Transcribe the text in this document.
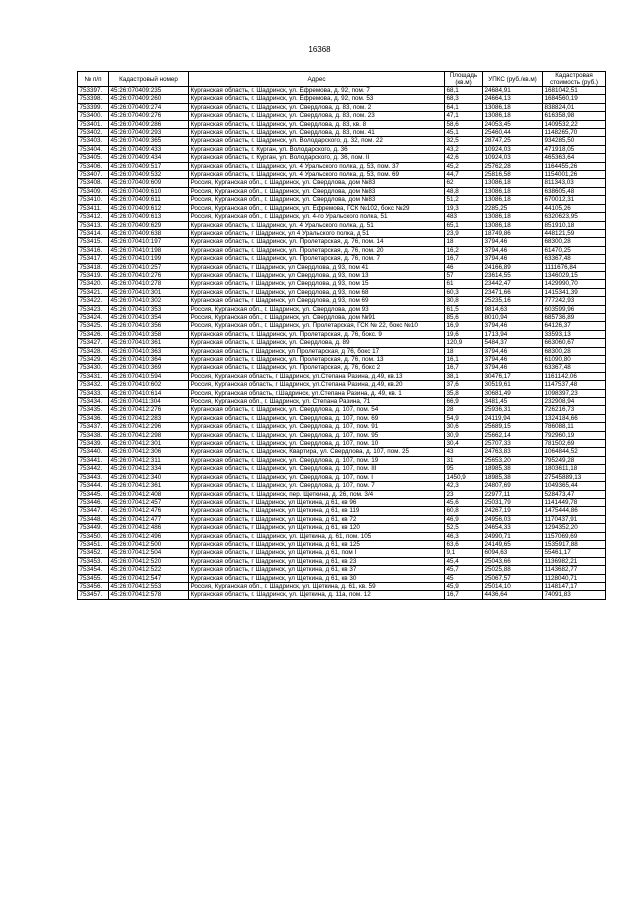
16368
№ п/п	Кадастровый номер	Адрес	Площадь (кв.м)	УПКС (руб./кв.м)	Кадастровая стоимость (руб.)
753397.	45:26:070409:235	Курганская область, г. Шадринск, ул. Ефремова, д. 92, пом. 7	68,1	24684,91	1681042,51
753398.	45:26:070409:260	Курганская область, г. Шадринск, ул. Ефремова, д. 92, пом. 53	68,3	24664,13	1684560,19
753399.	45:26:070409:274	Курганская область, г. Шадринск, ул. Свердлова, д. 83, пом. 2	64,1	13086,18	838824,01
753400.	45:26:070409:276	Курганская область, г. Шадринск, ул. Свердлова, д. 83, пом. 23	47,1	13086,18	616358,98
753401.	45:26:070409:286	Курганская область, г. Шадринск, ул. Свердлова, д. 83, кв. 8	58,6	24053,45	1409532,22
753402.	45:26:070409:293	Курганская область, г. Шадринск, ул. Свердлова, д. 83, пом. 41	45,1	25460,44	1148265,70
753403.	45:26:070409:365	Курганская область, г. Шадринск, ул. Володарского, д. 32, пом. 22	32,5	28747,25	934285,50
753404.	45:26:070409:433	Курганская область, г. Курган, ул. Володарского, д. 36	43,2	10924,03	471918,05
753405.	45:26:070409:434	Курганская область, г. Курган, ул. Володарского, д. 36, пом. II	42,6	10924,03	465363,64
753406.	45:26:070409:517	Курганская область, г. Шадринск, ул. 4 Уральского полка, д. 53, пом. 37	45,2	25762,28	1164455,26
753407.	45:26:070409:532	Курганская область, г. Шадринск, ул. 4 Уральского полка, д. 53, пом. 69	44,7	25816,58	1154001,26
753408.	45:26:070409:609	Россия, Курганская обл., г. Шадринск, ул. Свердлова, дом №83	62	13086,18	811343,03
753409.	45:26:070409:610	Россия, Курганская обл., г. Шадринск, ул. Свердлова, дом №83	48,8	13086,18	638605,48
753410.	45:26:070409:611	Россия, Курганская обл., г. Шадринск, ул. Свердлова, дом №83	51,2	13086,18	670012,31
753411.	45:26:070409:612	Россия, Курганская обл., г. Шадринск, ул. Ефремова, ГСК №102, бокс №29	19,3	2285,25	44105,26
753412.	45:26:070409:613	Россия, Курганская обл., г. Шадринск, ул. 4-го Уральского полка, 51	483	13086,18	6320623,95
753413.	45:26:070409:629	Курганская область, г. Шадринск, ул. 4 Уральского полка, д. 51	65,1	13086,18	851910,18
753414.	45:26:070409:638	Курганская область, г Шадринск, ул 4 Уральского полка, д 51	23,9	18749,86	448121,59
753415.	45:26:070410:197	Курганская область, г. Шадринск, ул. Пролетарская, д. 76, пом. 14	18	3794,46	68300,28
753416.	45:26:070410:198	Курганская область, г. Шадринск, ул. Пролетарская, д. 76, пом. 20	16,2	3794,46	61470,25
753417.	45:26:070410:199	Курганская область, г. Шадринск, ул. Пролетарская, д. 76, пом. 7	16,7	3794,46	63367,48
753418.	45:26:070410:257	Курганская область, г Шадринск, ул Свердлова, д 93, пом 41	46	24166,89	1111676,84
753419.	45:26:070410:276	Курганская область, г Шадринск, ул Свердлова, д 93, пом 13	57	23614,55	1346029,15
753420.	45:26:070410:278	Курганская область, г Шадринск, ул Свердлова, д 93, пом 15	61	23442,47	1429990,70
753421.	45:26:070410:301	Курганская область, г Шадринск, ул Свердлова, д 93, пом 68	60,3	23471,66	1415341,39
753422.	45:26:070410:302	Курганская область, г Шадринск, ул Свердлова, д 93, пом 69	30,8	25235,16	777242,93
753423.	45:26:070410:353	Россия, Курганская обл., г. Шадринск, ул. Свердлова, дом 93	61,5	9814,63	603599,96
753424.	45:26:070410:354	Россия, Курганская обл., г. Шадринск, ул. Свердлова, дом №91	85,6	8010,94	685736,89
753425.	45:26:070410:356	Россия, Курганская обл., г. Шадринск, ул. Пролетарская, ГСК № 22, бокс №10	16,9	3794,46	64126,37
753426.	45:26:070410:358	Курганская область, г. Шадринск, ул. Пролетарская, д. 76, бокс. 9	19,6	1713,94	33593,13
753427.	45:26:070410:361	Курганская область, г. Шадринск, ул. Свердлова, д. 89	120,9	5484,37	663060,67
753428.	45:26:070410:363	Курганская область, г Шадринск, ул Пролетарская, д 76, бокс 17	18	3794,46	68300,28
753429.	45:26:070410:364	Курганская область, г. Шадринск, ул. Пролетарская, д. 76, пом. 13	16,1	3794,46	61090,80
753430.	45:26:070410:369	Курганская область, г. Шадринск, ул. Пролетарская, д. 76, бокс 2	16,7	3794,46	63367,48
753431.	45:26:070410:594	Россия, Курганская область, г Шадринск, ул.Степана Разина, д.49, кв.13	38,1	30476,17	1161142,06
753432.	45:26:070410:602	Россия, Курганская область, г Шадринск, ул.Степана Разина, д.49, кв.20	37,6	30519,61	1147537,48
753433.	45:26:070410:614	Россия, Курганская область, г.Шадринск, ул.Степана Разина, д. 49, кв. 1	35,8	30681,49	1098397,23
753434.	45:26:070411:304	Россия, Курганская обл., г. Шадринск, ул. Степана Разина, 71	66,9	3481,45	232908,94
753435.	45:26:070412:276	Курганская область, г. Шадринск, ул. Свердлова, д. 107, пом. 54	28	25936,31	726216,73
753436.	45:26:070412:283	Курганская область, г. Шадринск, ул. Свердлова, д. 107, пом. 69	54,9	24119,94	1324184,66
753437.	45:26:070412:296	Курганская область, г. Шадринск, ул. Свердлова, д. 107, пом. 91	30,6	25689,15	786088,11
753438.	45:26:070412:298	Курганская область, г. Шадринск, ул. Свердлова, д. 107, пом. 95	30,9	25662,14	792960,19
753439.	45:26:070412:301	Курганская область, г. Шадринск, ул. Свердлова, д. 107, пом. 10	30,4	25707,33	781502,69
753440.	45:26:070412:306	Курганская область, г. Шадринск, Квартира, ул. Свердлова, д. 107, пом. 25	43	24763,83	1064844,52
753441.	45:26:070412:311	Курганская область, г. Шадринск, ул. Свердлова, д. 107, пом. 19	31	25653,20	795249,28
753442.	45:26:070412:334	Курганская область, г. Шадринск, ул. Свердлова, д. 107, пом. III	95	18985,38	1803611,18
753443.	45:26:070412:340	Курганская область, г. Шадринск, ул. Свердлова, д. 107, пом. I	1450,9	18985,38	27545889,13
753444.	45:26:070412:361	Курганская область, г. Шадринск, ул. Свердлова, д. 107, пом. 7	42,3	24807,69	1049365,44
753445.	45:26:070412:408	Курганская область, г. Шадринск, пер. Щеткина, д. 26, пом. 3/4	23	22977,11	528473,47
753446.	45:26:070412:457	Курганская область, г Шадринск, ул Щеткина, д 61, кв 96	45,6	25031,79	1141449,78
753447.	45:26:070412:476	Курганская область, г Шадринск, ул Щеткина, д 61, кв 119	60,8	24267,19	1475444,86
753448.	45:26:070412:477	Курганская область, г Шадринск, ул Щеткина, д 61, кв 72	46,9	24956,03	1170437,91
753449.	45:26:070412:486	Курганская область, г Шадринск, ул Щеткина, д 61, кв 120	52,5	24654,33	1294352,20
753450.	45:26:070412:496	Курганская область, г. Шадринск, ул. Щеткина, д. 61, пом. 105	46,3	24990,71	1157069,69
753451.	45:26:070412:500	Курганская область, г Шадринск, ул Щеткина, д 61, кв 125	63,6	24149,65	1535917,88
753452.	45:26:070412:504	Курганская область, г Шадринск, ул Щеткина, д 61, пом I	9,1	6094,63	55461,17
753453.	45:26:070412:520	Курганская область, г Шадринск, ул Щеткина, д 61, кв 23	45,4	25043,66	1136982,21
753454.	45:26:070412:522	Курганская область, г Шадринск, ул Щеткина, д 61, кв 37	45,7	25025,88	1143682,77
753455.	45:26:070412:547	Курганская область, г Шадринск, ул Щеткина, д 61, кв 30	45	25067,57	1128040,71
753456.	45:26:070412:553	Россия, Курганская обл., г. Шадринск, ул. Щеткина, д. 61, кв. 59	45,9	25014,10	1148147,17
753457.	45:26:070412:578	Курганская область, г. Шадринск, ул. Щеткина, д. 11а, пом. 12	16,7	4436,64	74091,83
